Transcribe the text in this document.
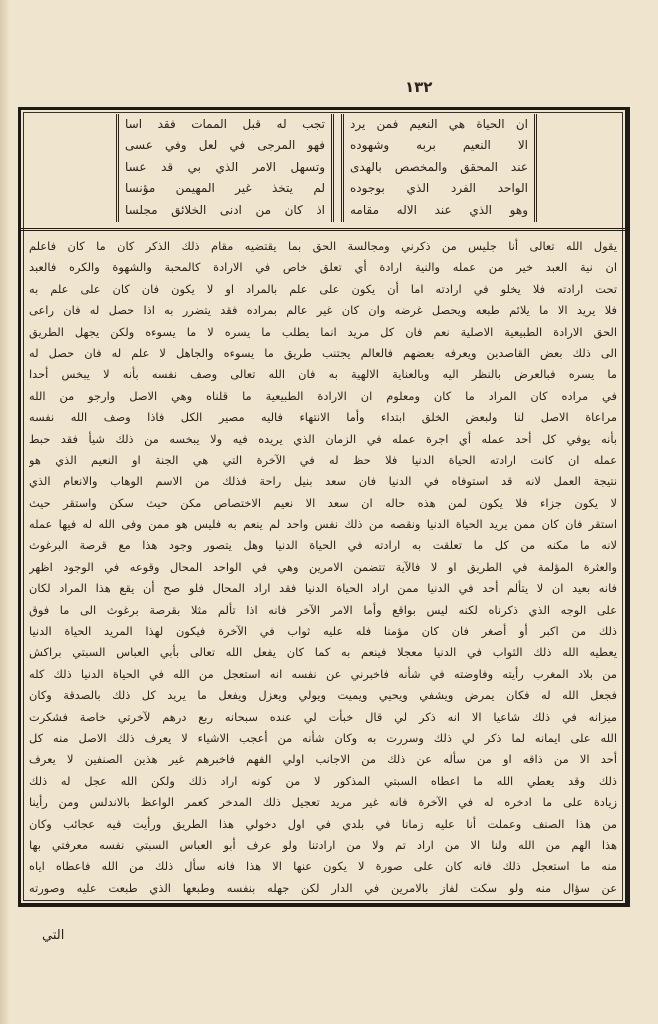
١٣٢
ان الحياة هي النعيم فمن يرد
الا النعيم بربه وشهوده
عند المحقق والمخصص بالهدى
الواحد الفرد الذي بوجوده
وهو الذي عند الاله مقامه
تجب له قبل الممات فقد اسا
فهو المرجى في لعل وفي عسى
وتسهل الامر الذي بي قد عسا
لم يتخذ غير المهيمن مؤنسا
اذ كان من ادنى الخلائق مجلسا
يقول الله تعالى أنا جليس من ذكرني ومجالسة الحق بما يقتضيه مقام ذلك الذكر كان ما كان فاعلم
ان نية العبد خير من عمله والنية ارادة أي تعلق خاص في الارادة كالمحبة والشهوة والكره فالعبد
تحت ارادته فلا يخلو في ارادته اما أن يكون على علم بالمراد او لا يكون فان كان على علم به
فلا يريد الا ما يلائم طبعه ويحصل غرضه وان كان غير عالم بمراده فقد يتضرر به اذا حصل له فان راعى
الحق الارادة الطبيعية الاصلية نعم فان كل مريد انما يطلب ما يسره لا ما يسوءه ولكن يجهل الطريق
الى ذلك بعض القاصدين ويعرفه بعضهم فالعالم يجتنب طريق ما يسوءه والجاهل لا علم له فان حصل له
ما يسره فبالعرض بالنظر اليه وبالعناية الالهية به فان الله تعالى وصف نفسه بأنه لا يبخس أحدا
في مراده كان المراد ما كان ومعلوم ان الارادة الطبيعية ما قلناه وهي الاصل وارجو من الله
مراعاة الاصل لنا ولبعض الخلق ابتداء وأما الانتهاء فاليه مصير الكل فاذا وصف الله نفسه
بأنه يوفي كل أحد عمله أي اجرة عمله في الزمان الذي يريده فيه ولا يبخسه من ذلك شيأ فقد حبط
عمله ان كانت ارادته الحياة الدنيا فلا حظ له في الآخرة التي هي الجنة او النعيم الذي هو
نتيجة العمل لانه قد استوفاه في الدنيا فان سعد بنيل راحة فذلك من الاسم الوهاب والانعام الذي
لا يكون جزاء فلا يكون لمن هذه حاله ان سعد الا نعيم الاختصاص مكن حيث سكن واستقر حيث
استقر فان كان ممن يريد الحياة الدنيا ونقصه من ذلك نفس واحد لم ينعم به فليس هو ممن وفى الله له فيها عمله
لانه ما مكنه من كل ما تعلقت به ارادته في الحياة الدنيا وهل يتصور وجود هذا مع قرصة البرغوث
والعثرة المؤلمة في الطريق او لا فالآية تتضمن الامرين وهي في الواحد المحال وقوعه في الوجود اظهر
فانه بعيد ان لا يتألم أحد في الدنيا ممن اراد الحياة الدنيا فقد اراد المحال فلو صح أن يقع هذا المراد لكان
على الوجه الذي ذكرناه لكنه ليس بواقع وأما الامر الآخر فانه اذا تألم مثلا بقرصة برغوث الى ما فوق
ذلك من اكبر أو أصغر فان كان مؤمنا فله عليه ثواب في الآخرة فيكون لهذا المريد الحياة الدنيا
يعطيه الله ذلك الثواب في الدنيا معجلا فينعم به كما كان يفعل الله تعالى بأبي العباس السبتي براكش
من بلاد المغرب رأيته وفاوضته في شأنه فاخبرني عن نفسه انه استعجل من الله في الحياة الدنيا ذلك كله
فجعل الله له فكان يمرض ويشفي ويحيي ويميت ويولي ويعزل ويفعل ما يريد كل ذلك بالصدقة وكان
ميزانه في ذلك شاعيا الا انه ذكر لي قال خبأت لي عنده سبحانه ربع درهم لآخرتي خاصة فشكرت
الله على ايمانه لما ذكر لي ذلك وسررت به وكان شأنه من أعجب الاشياء لا يعرف ذلك الاصل منه كل
أحد الا من ذاقه او من سأله عن ذلك من الاجانب اولي الفهم فاخبرهم غير هذين الصنفين لا يعرف
ذلك وقد يعطي الله ما اعطاه السبتي المذكور لا من كونه اراد ذلك ولكن الله عجل له ذلك
زيادة على ما ادخره له في الآخرة فانه غير مريد تعجيل ذلك المدخر كعمر الواعظ بالاندلس ومن رأينا
من هذا الصنف وعملت أنا عليه زمانا في بلدي في اول دخولي هذا الطريق ورأيت فيه عجائب وكان
هذا الهم من الله ولنا الا من اراد تم ولا من ارادتنا ولو عرف أبو العباس السبتي نفسه معرفتي بها
منه ما استعجل ذلك فانه كان على صورة لا يكون عنها الا هذا فانه سأل ذلك من الله فاعطاه اياه
عن سؤال منه ولو سكت لفاز بالامرين في الدار لكن جهله بنفسه وطبعها الذي طبعت عليه وصورته
التي
